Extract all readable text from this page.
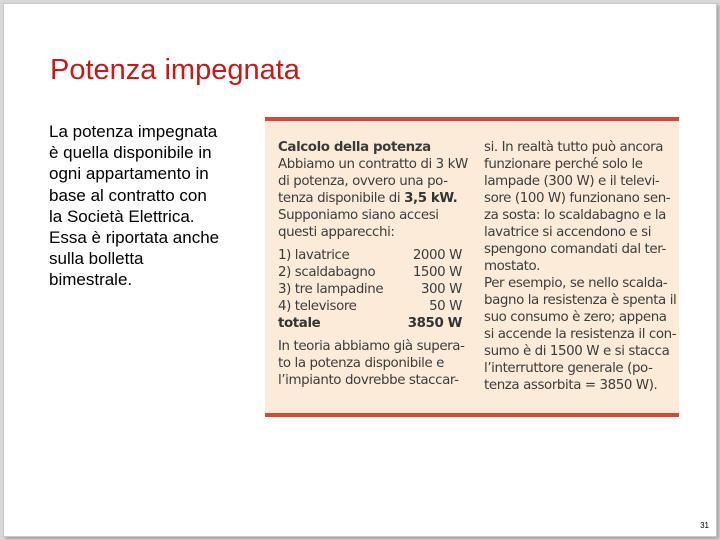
Potenza impegnata
La potenza impegnata
è quella disponibile in
ogni appartamento in
base al contratto con
la Società Elettrica.
Essa è riportata anche
sulla bolletta
bimestrale.
Calcolo della potenza
Abbiamo un contratto di 3 kW
di potenza, ovvero una po-
tenza disponibile di 3,5 kW.
Supponiamo siano accesi
questi apparecchi:
1) lavatrice	2000 W
2) scaldabagno	1500 W
3) tre lampadine	300 W
4) televisore	50 W
totale	3850 W
In teoria abbiamo già supera-
to la potenza disponibile e
l’impianto dovrebbe staccar-
si. In realtà tutto può ancora
funzionare perché solo le
lampade (300 W) e il televi-
sore (100 W) funzionano sen-
za sosta: lo scaldabagno e la
lavatrice si accendono e si
spengono comandati dal ter-
mostato.
Per esempio, se nello scalda-
bagno la resistenza è spenta il
suo consumo è zero; appena
si accende la resistenza il con-
sumo è di 1500 W e si stacca
l’interruttore generale (po-
tenza assorbita = 3850 W).
31
